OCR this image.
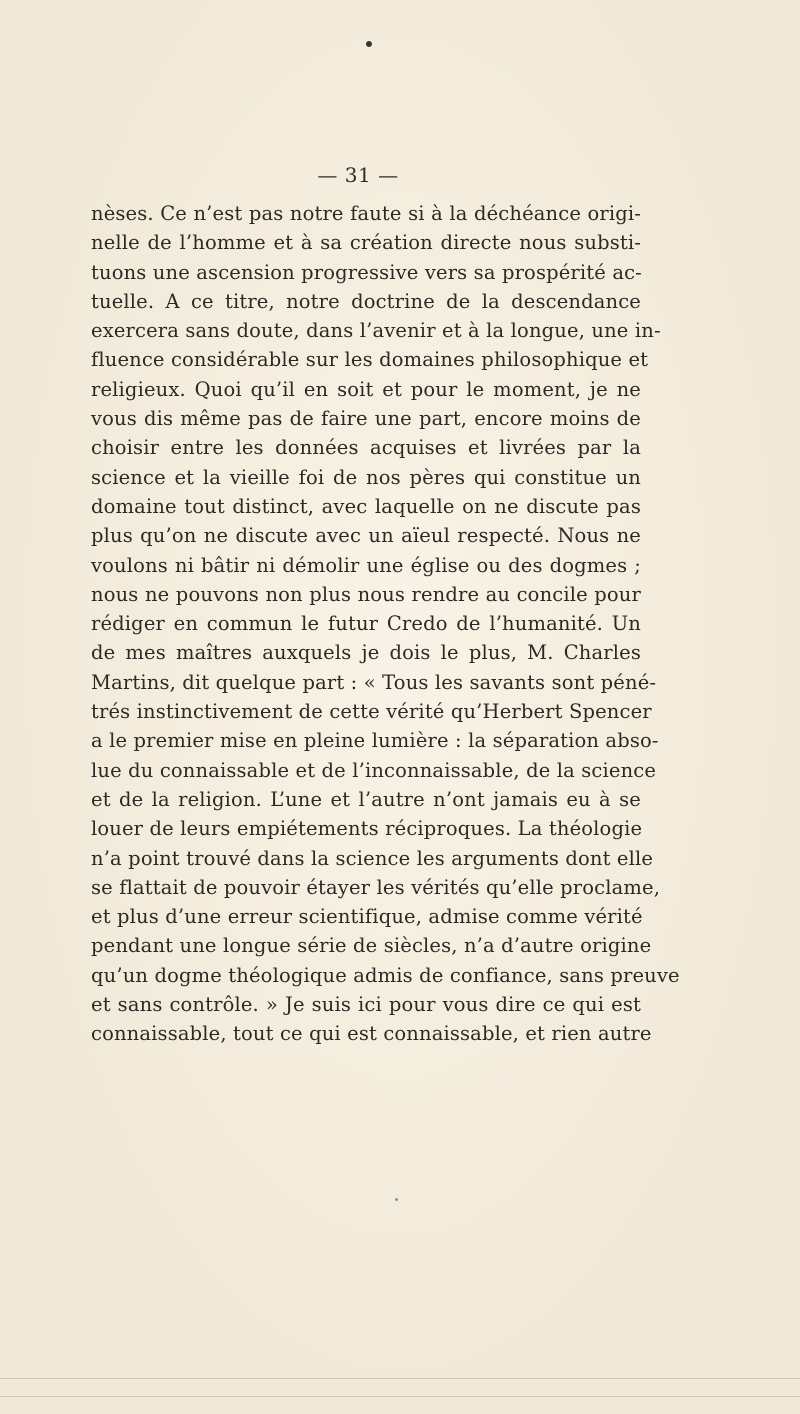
— 31 —
nèses. Ce n’est pas notre faute si à la déchéance origi-
nelle de l’homme et à sa création directe nous substi-
tuons une ascension progressive vers sa prospérité ac-
tuelle. A ce titre, notre doctrine de la descendance
exercera sans doute, dans l’avenir et à la longue, une in-
fluence considérable sur les domaines philosophique et
religieux. Quoi qu’il en soit et pour le moment, je ne
vous dis même pas de faire une part, encore moins de
choisir entre les données acquises et livrées par la
science et la vieille foi de nos pères qui constitue un
domaine tout distinct, avec laquelle on ne discute pas
plus qu’on ne discute avec un aïeul respecté. Nous ne
voulons ni bâtir ni démolir une église ou des dogmes ;
nous ne pouvons non plus nous rendre au concile pour
rédiger en commun le futur Credo de l’humanité. Un
de mes maîtres auxquels je dois le plus, M. Charles
Martins, dit quelque part : « Tous les savants sont péné-
trés instinctivement de cette vérité qu’Herbert Spencer
a le premier mise en pleine lumière : la séparation abso-
lue du connaissable et de l’inconnaissable, de la science
et de la religion. L’une et l’autre n’ont jamais eu à se
louer de leurs empiétements réciproques. La théologie
n’a point trouvé dans la science les arguments dont elle
se flattait de pouvoir étayer les vérités qu’elle proclame,
et plus d’une erreur scientifique, admise comme vérité
pendant une longue série de siècles, n’a d’autre origine
qu’un dogme théologique admis de confiance, sans preuve
et sans contrôle. » Je suis ici pour vous dire ce qui est
connaissable, tout ce qui est connaissable, et rien autre
